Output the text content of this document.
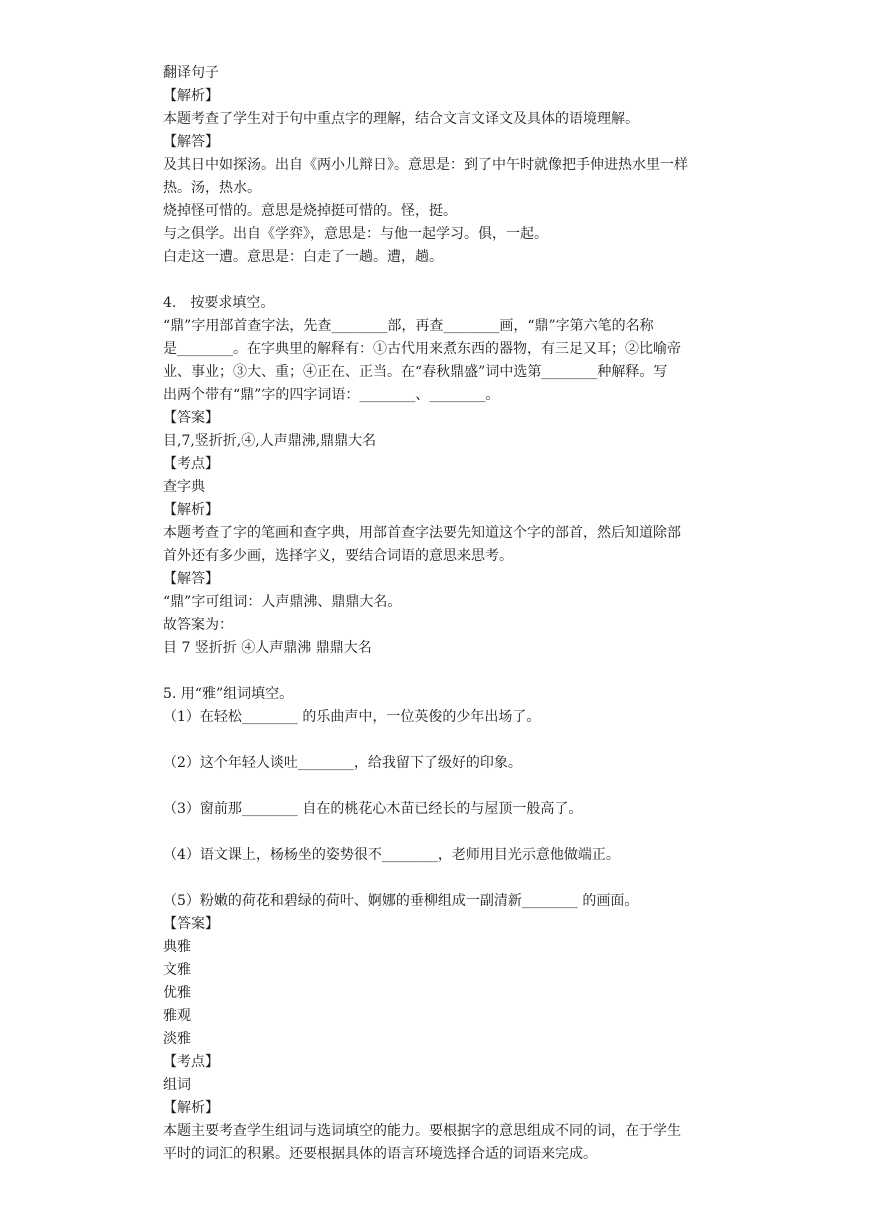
翻译句子
【解析】
本题考查了学生对于句中重点字的理解，结合文言文译文及具体的语境理解。
【解答】
及其日中如探汤。出自《两小儿辩日》。意思是：到了中午时就像把手伸进热水里一样
热。汤，热水。
烧掉怪可惜的。意思是烧掉挺可惜的。怪，挺。
与之俱学。出自《学弈》，意思是：与他一起学习。俱，一起。
白走这一遭。意思是：白走了一趟。遭，趟。
4.　按要求填空。
“鼎”字用部首查字法，先查________部，再查________画，“鼎”字第六笔的名称
是________。在字典里的解释有：①古代用来煮东西的器物，有三足又耳；②比喻帝
业、事业；③大、重；④正在、正当。在“春秋鼎盛”词中选第________种解释。写
出两个带有“鼎”字的四字词语：________、________。
【答案】
目,7,竖折折,④,人声鼎沸,鼎鼎大名
【考点】
查字典
【解析】
本题考查了字的笔画和查字典，用部首查字法要先知道这个字的部首，然后知道除部
首外还有多少画，选择字义，要结合词语的意思来思考。
【解答】
“鼎”字可组词：人声鼎沸、鼎鼎大名。
故答案为：
目 7 竖折折 ④人声鼎沸 鼎鼎大名
5. 用“雅”组词填空。
（1）在轻松________ 的乐曲声中，一位英俊的少年出场了。
（2）这个年轻人谈吐________，给我留下了级好的印象。
（3）窗前那________ 自在的桃花心木苗已经长的与屋顶一般高了。
（4）语文课上，杨杨坐的姿势很不________，老师用目光示意他做端正。
（5）粉嫩的荷花和碧绿的荷叶、婀娜的垂柳组成一副清新________ 的画面。
【答案】
典雅
文雅
优雅
雅观
淡雅
【考点】
组词
【解析】
本题主要考查学生组词与选词填空的能力。要根据字的意思组成不同的词，在于学生
平时的词汇的积累。还要根据具体的语言环境选择合适的词语来完成。
